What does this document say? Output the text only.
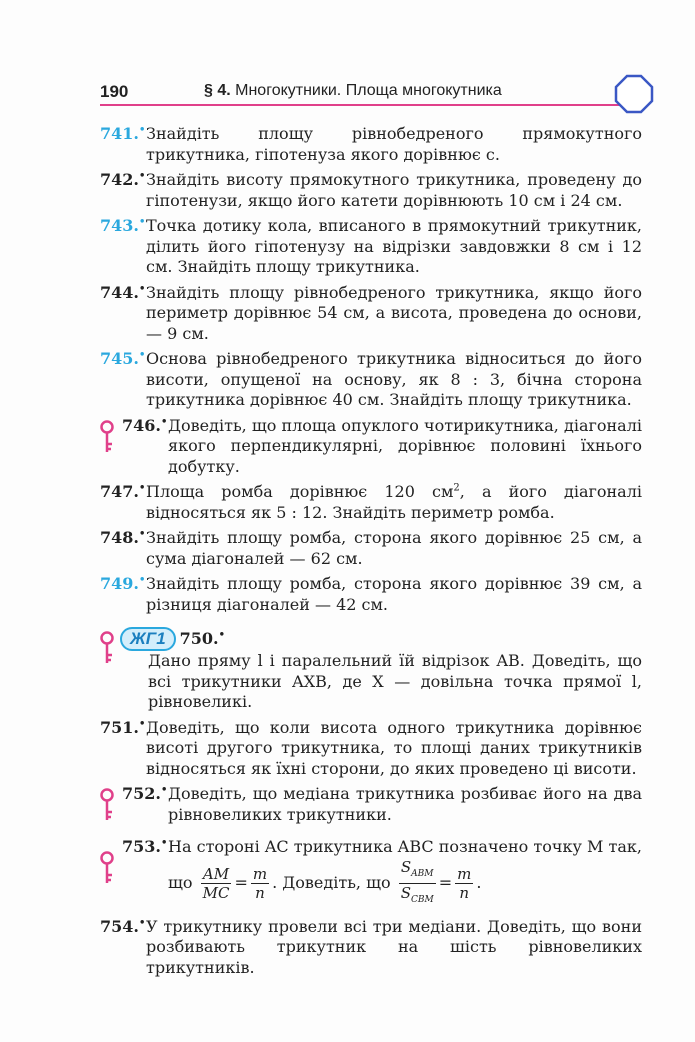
190	§ 4. Многокутники. Площа многокутника
741.• Знайдіть площу рівнобедреного прямокутного трикутника, гіпотенуза якого дорівнює c.
742.• Знайдіть висоту прямокутного трикутника, проведену до гіпотенузи, якщо його катети дорівнюють 10 см і 24 см.
743.• Точка дотику кола, вписаного в прямокутний трикутник, ділить його гіпотенузу на відрізки завдовжки 8 см і 12 см. Знайдіть площу трикутника.
744.• Знайдіть площу рівнобедреного трикутника, якщо його периметр дорівнює 54 см, а висота, проведена до основи, — 9 см.
745.• Основа рівнобедреного трикутника відноситься до його висоти, опущеної на основу, як 8 : 3, бічна сторона трикутника дорівнює 40 см. Знайдіть площу трикутника.
746.• Доведіть, що площа опуклого чотирикутника, діагоналі якого перпендикулярні, дорівнює половині їхнього добутку.
747.• Площа ромба дорівнює 120 $см^2$, а його діагоналі відносяться як 5 : 12. Знайдіть периметр ромба.
748.• Знайдіть площу ромба, сторона якого дорівнює 25 см, а сума діагоналей — 62 см.
749.• Знайдіть площу ромба, сторона якого дорівнює 39 см, а різниця діагоналей — 42 см.
ЖГ1 750.•
Дано пряму l і паралельний їй відрізок AB. Доведіть, що всі трикутники AXB, де X — довільна точка прямої l, рівновеликі.
751.• Доведіть, що коли висота одного трикутника дорівнює висоті другого трикутника, то площі даних трикутників відносяться як їхні сторони, до яких проведено ці висоти.
752.• Доведіть, що медіана трикутника розбиває його на два рівновеликих трикутники.
753.• На стороні AC трикутника ABC позначено точку M так, що $\frac{AM}{MC} = \frac{m}{n}$ . Доведіть, що $\frac{S_{ABM}}{S_{CBM}} = \frac{m}{n}$ .
754.• У трикутнику провели всі три медіани. Доведіть, що вони розбивають трикутник на шість рівновеликих трикутників.
